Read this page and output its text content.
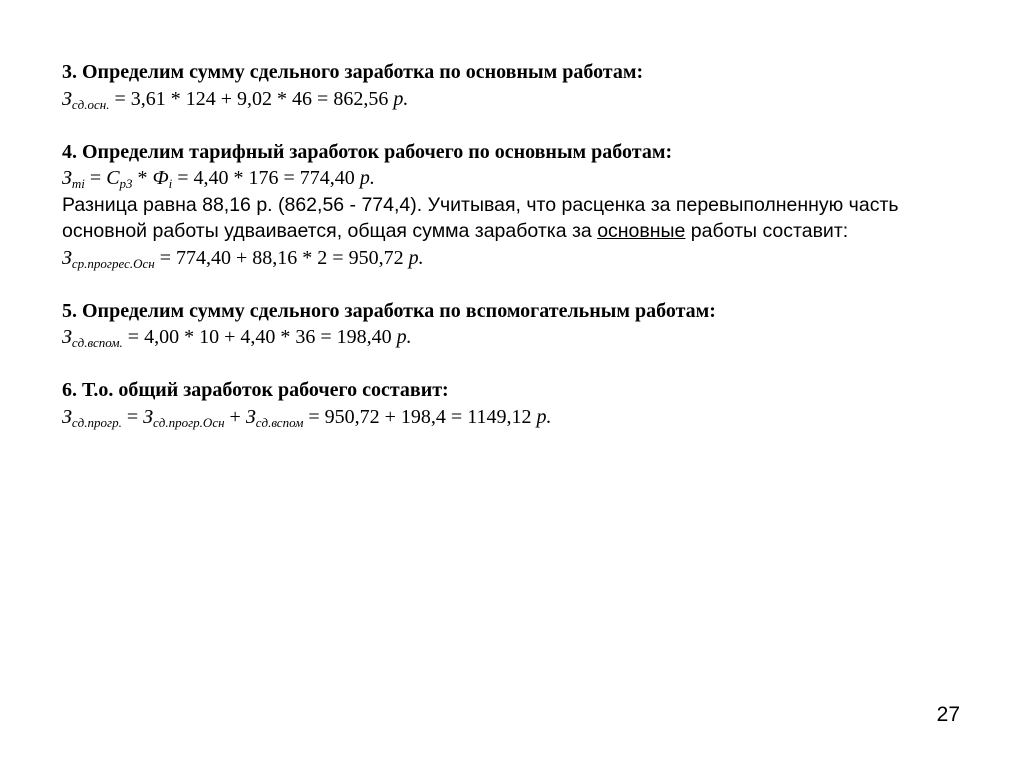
3. Определим сумму сдельного заработка по основным работам:
$З_{сд.осн.} = 3,61 * 124 + 9,02 * 46 = 862,56$ р.
4. Определим тарифный заработок рабочего по основным работам:
$З_{тi} = С_{р3} * Ф_i = 4,40 * 176 = 774,40$ р.
Разница равна 88,16 р. (862,56 - 774,4). Учитывая, что расценка за перевыполненную часть
основной работы удваивается, общая сумма заработка за основные работы составит:
$З_{ср.прогрес.Осн} = 774,40 + 88,16 * 2 = 950,72$ р.
5. Определим сумму сдельного заработка по вспомогательным работам:
$З_{сд.вспом.} = 4,00 * 10 + 4,40 * 36 = 198,40$ р.
6. Т.о. общий заработок рабочего составит:
$З_{сд.прогр.} = З_{сд.прогр.Осн} + З_{сд.вспом} = 950,72 + 198,4 = 1149,12$ р.
27
